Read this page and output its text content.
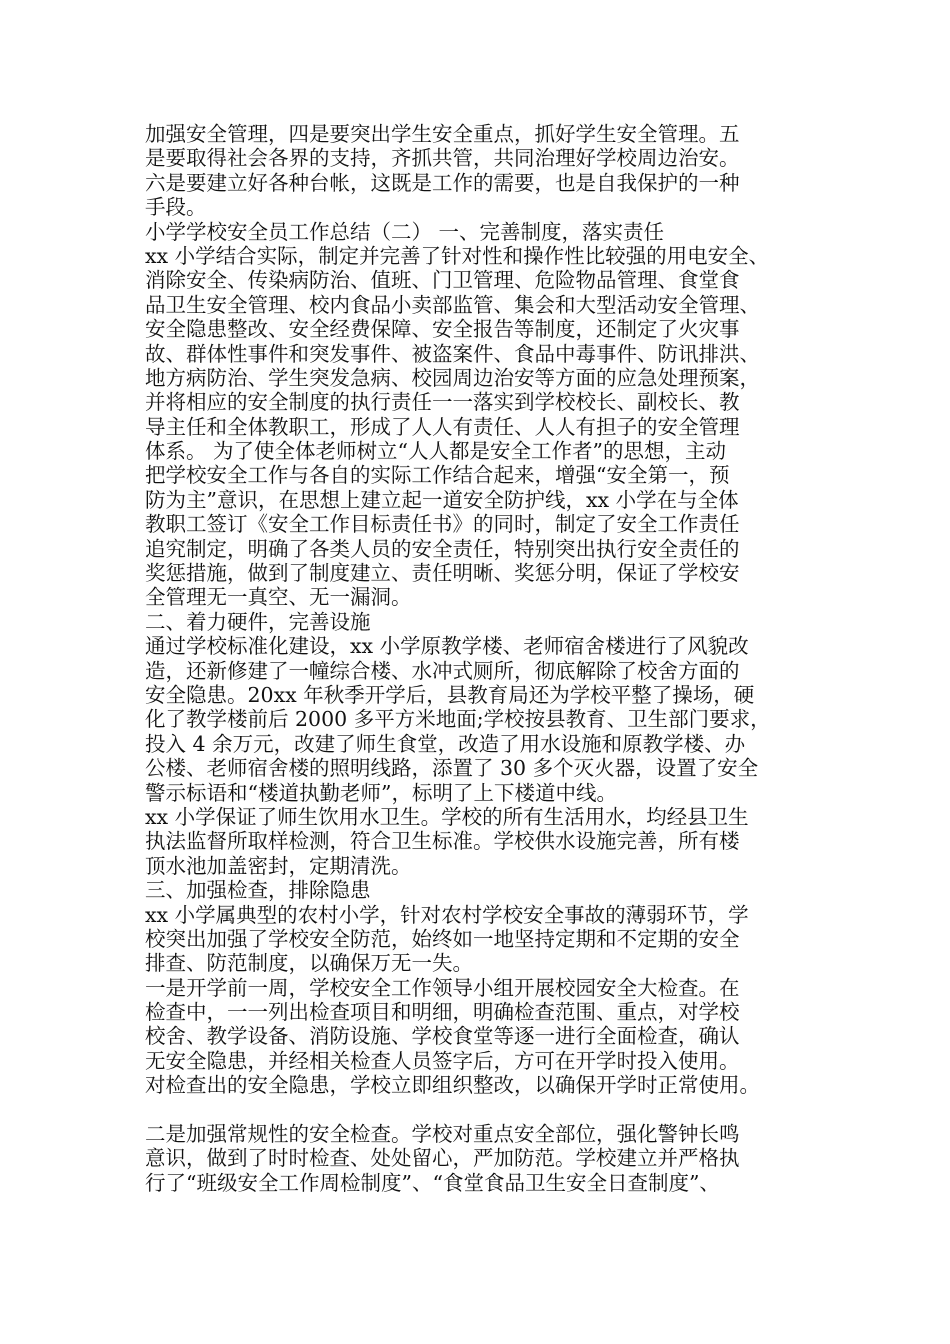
加强安全管理，四是要突出学生安全重点，抓好学生安全管理。五
是要取得社会各界的支持，齐抓共管，共同治理好学校周边治安。
六是要建立好各种台帐，这既是工作的需要，也是自我保护的一种
手段。
小学学校安全员工作总结（二） 一、完善制度，落实责任
xx 小学结合实际，制定并完善了针对性和操作性比较强的用电安全、
消除安全、传染病防治、值班、门卫管理、危险物品管理、食堂食
品卫生安全管理、校内食品小卖部监管、集会和大型活动安全管理、
安全隐患整改、安全经费保障、安全报告等制度，还制定了火灾事
故、群体性事件和突发事件、被盗案件、食品中毒事件、防讯排洪、
地方病防治、学生突发急病、校园周边治安等方面的应急处理预案，
并将相应的安全制度的执行责任一一落实到学校校长、副校长、教
导主任和全体教职工，形成了人人有责任、人人有担子的安全管理
体系。 为了使全体老师树立“人人都是安全工作者”的思想，主动
把学校安全工作与各自的实际工作结合起来，增强“安全第一，预
防为主”意识，在思想上建立起一道安全防护线，xx 小学在与全体
教职工签订《安全工作目标责任书》的同时，制定了安全工作责任
追究制定，明确了各类人员的安全责任，特别突出执行安全责任的
奖惩措施，做到了制度建立、责任明晰、奖惩分明，保证了学校安
全管理无一真空、无一漏洞。
二、着力硬件，完善设施
通过学校标准化建设，xx 小学原教学楼、老师宿舍楼进行了风貌改
造，还新修建了一幢综合楼、水冲式厕所，彻底解除了校舍方面的
安全隐患。20xx 年秋季开学后，县教育局还为学校平整了操场，硬
化了教学楼前后 2000 多平方米地面;学校按县教育、卫生部门要求，
投入 4 余万元，改建了师生食堂，改造了用水设施和原教学楼、办
公楼、老师宿舍楼的照明线路，添置了 30 多个灭火器，设置了安全
警示标语和“楼道执勤老师”，标明了上下楼道中线。
xx 小学保证了师生饮用水卫生。学校的所有生活用水，均经县卫生
执法监督所取样检测，符合卫生标准。学校供水设施完善，所有楼
顶水池加盖密封，定期清洗。
三、加强检查，排除隐患
xx 小学属典型的农村小学，针对农村学校安全事故的薄弱环节，学
校突出加强了学校安全防范，始终如一地坚持定期和不定期的安全
排查、防范制度，以确保万无一失。
一是开学前一周，学校安全工作领导小组开展校园安全大检查。在
检查中，一一列出检查项目和明细，明确检查范围、重点，对学校
校舍、教学设备、消防设施、学校食堂等逐一进行全面检查，确认
无安全隐患，并经相关检查人员签字后，方可在开学时投入使用。
对检查出的安全隐患，学校立即组织整改，以确保开学时正常使用。
二是加强常规性的安全检查。学校对重点安全部位，强化警钟长鸣
意识，做到了时时检查、处处留心，严加防范。学校建立并严格执
行了“班级安全工作周检制度”、“食堂食品卫生安全日查制度”、
